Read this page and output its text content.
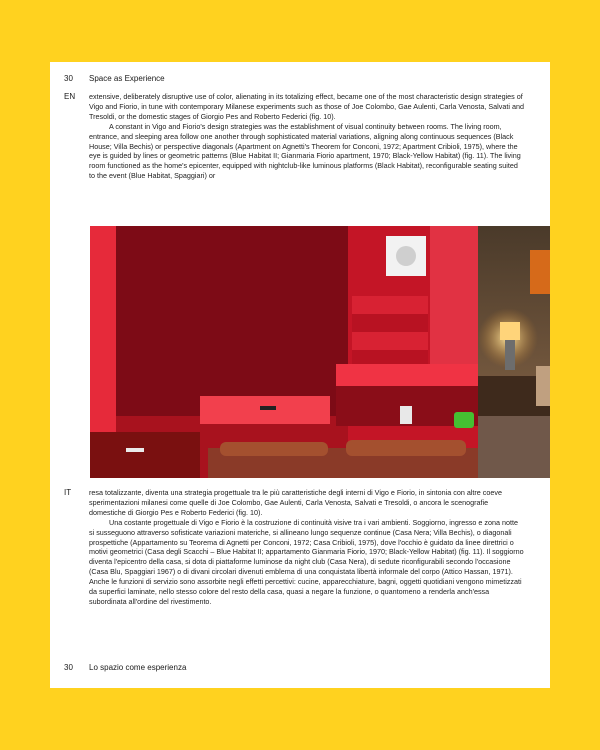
30 Space as Experience
EN extensive, deliberately disruptive use of color, alienating in its totalizing effect, became one of the most characteristic design strategies of Vigo and Fiorio, in tune with contemporary Milanese experiments such as those of Joe Colombo, Gae Aulenti, Carla Venosta, Salvati and Tresoldi, or the domestic stages of Giorgio Pes and Roberto Federici (fig. 10).

A constant in Vigo and Fiorio's design strategies was the establishment of visual continuity between rooms. The living room, entrance, and sleeping area follow one another through sophisticated material variations, aligning along continuous sequences (Black House; Villa Bechis) or perspective diagonals (Apartment on Agnetti's Theorem for Conconi, 1972; Apartment Cribioli, 1975), where the eye is guided by lines or geometric patterns (Blue Habitat II; Gianmaria Fiorio apartment, 1970; Black-Yellow Habitat) (fig. 11). The living room functioned as the home's epicenter, equipped with nightclub-like luminous platforms (Black Habitat), reconfigurable seating suited to the event (Blue Habitat, Spaggiari) or

IT resa totalizzante, diventa una strategia progettuale tra le più caratteristiche degli interni di Vigo e Fiorio, in sintonia con altre coeve sperimentazioni milanesi come quelle di Joe Colombo, Gae Aulenti, Carla Venosta, Salvati e Tresoldi, o ancora le scenografie domestiche di Giorgio Pes e Roberto Federici (fig. 10).

Una costante progettuale di Vigo e Fiorio è la costruzione di continuità visive tra i vari ambienti. Soggiorno, ingresso e zona notte si susseguono attraverso sofisticate variazioni materiche, si allineano lungo sequenze continue (Casa Nera; Villa Bechis), o diagonali prospettiche (Appartamento su Teorema di Agnetti per Conconi, 1972; Casa Cribioli, 1975), dove l'occhio è guidato da linee direttrici o motivi geometrici (Casa degli Scacchi – Blue Habitat II; appartamento Gianmaria Fiorio, 1970; Black-Yellow Habitat) (fig. 11). Il soggiorno diventa l'epicentro della casa, si dota di piattaforme luminose da night club (Casa Nera), di sedute riconfigurabili secondo l'occasione (Casa Blu, Spaggiari 1967) o di divani circolari divenuti emblema di una conquistata libertà informale del corpo (Attico Hassan, 1971). Anche le funzioni di servizio sono assorbite negli effetti percettivi: cucine, apparecchiature, bagni, oggetti quotidiani vengono mimetizzati da superfici laminate, nello stesso colore del resto della casa, quasi a negare la funzione, o quantomeno a renderla anch'essa subordinata all'ordine del rivestimento.

30 Lo spazio come esperienza
